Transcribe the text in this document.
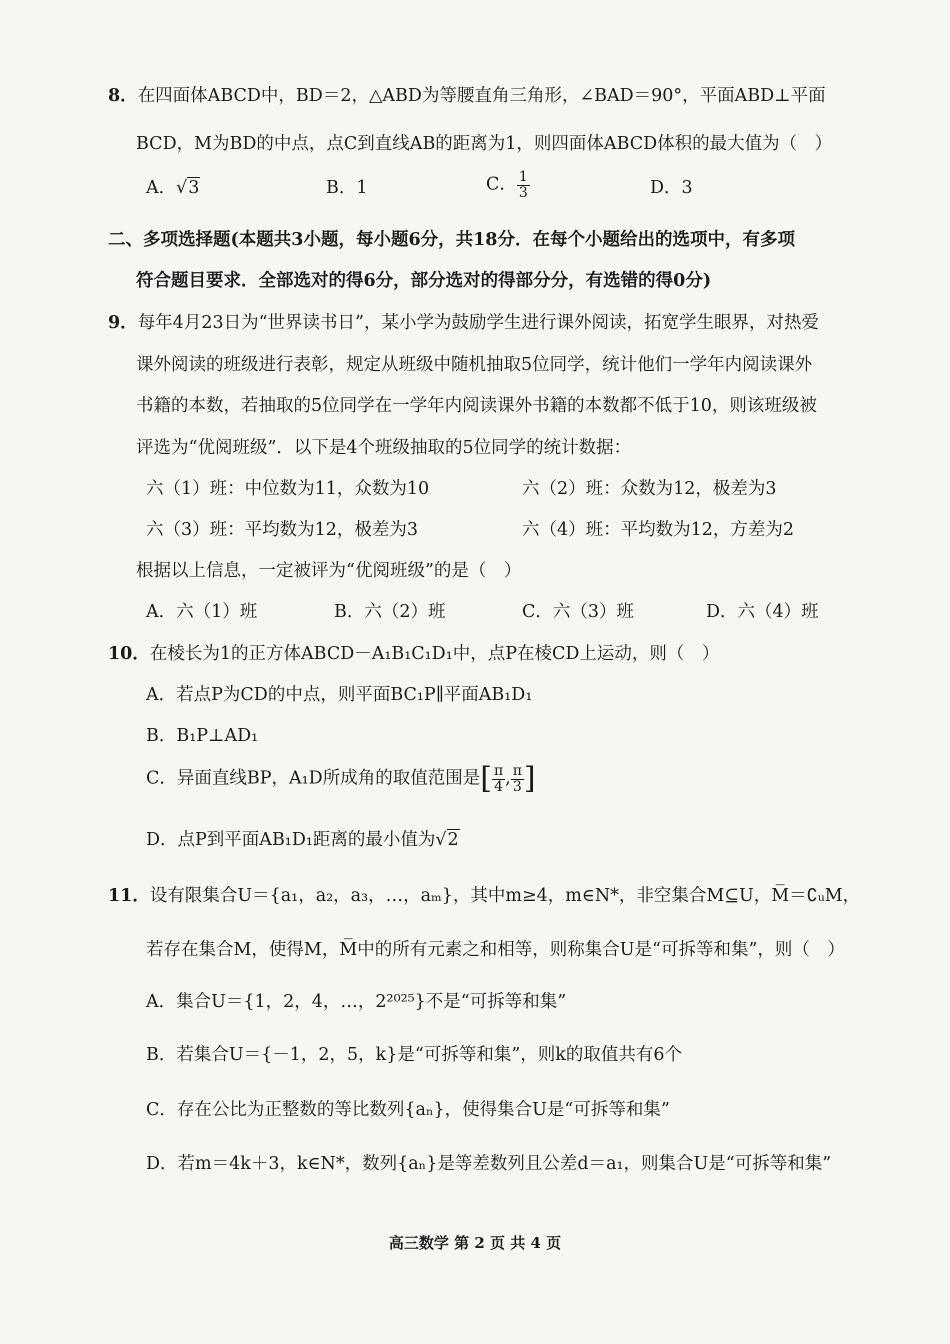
8．在四面体ABCD中，BD＝2，△ABD为等腰直角三角形，∠BAD＝90°，平面ABD⊥平面
BCD，M为BD的中点，点C到直线AB的距离为1，则四面体ABCD体积的最大值为（　）
A．√3	B．1	C． $\frac{1}{3}$	D．3
二、多项选择题(本题共3小题，每小题6分，共18分．在每个小题给出的选项中，有多项
符合题目要求．全部选对的得6分，部分选对的得部分分，有选错的得0分)
9．每年4月23日为“世界读书日”，某小学为鼓励学生进行课外阅读，拓宽学生眼界，对热爱
课外阅读的班级进行表彰，规定从班级中随机抽取5位同学，统计他们一学年内阅读课外
书籍的本数，若抽取的5位同学在一学年内阅读课外书籍的本数都不低于10，则该班级被
评选为“优阅班级”．以下是4个班级抽取的5位同学的统计数据：
六（1）班：中位数为11，众数为10	六（2）班：众数为12，极差为3
六（3）班：平均数为12，极差为3	六（4）班：平均数为12，方差为2
根据以上信息，一定被评为“优阅班级”的是（　）
A．六（1）班	B．六（2）班	C．六（3）班	D．六（4）班
10．在棱长为1的正方体ABCD－A₁B₁C₁D₁中，点P在棱CD上运动，则（　）
A．若点P为CD的中点，则平面BC₁P∥平面AB₁D₁
B．B₁P⊥AD₁
C．异面直线BP，A₁D所成角的取值范围是[ $\frac{\pi}{4}$ , $\frac{\pi}{3}$ ]
D．点P到平面AB₁D₁距离的最小值为√2
11．设有限集合U＝{a₁，a₂，a₃，…，aₘ}，其中m≥4，m∈N*，非空集合M⊆U，M̅＝∁ᵤM，
若存在集合M，使得M，M̅中的所有元素之和相等，则称集合U是“可拆等和集”，则（　）
A．集合U＝{1，2，4，…，2²⁰²⁵}不是“可拆等和集”
B．若集合U＝{－1，2，5，k}是“可拆等和集”，则k的取值共有6个
C．存在公比为正整数的等比数列{aₙ}，使得集合U是“可拆等和集”
D．若m＝4k＋3，k∈N*，数列{aₙ}是等差数列且公差d＝a₁，则集合U是“可拆等和集”
高三数学 第 2 页 共 4 页
